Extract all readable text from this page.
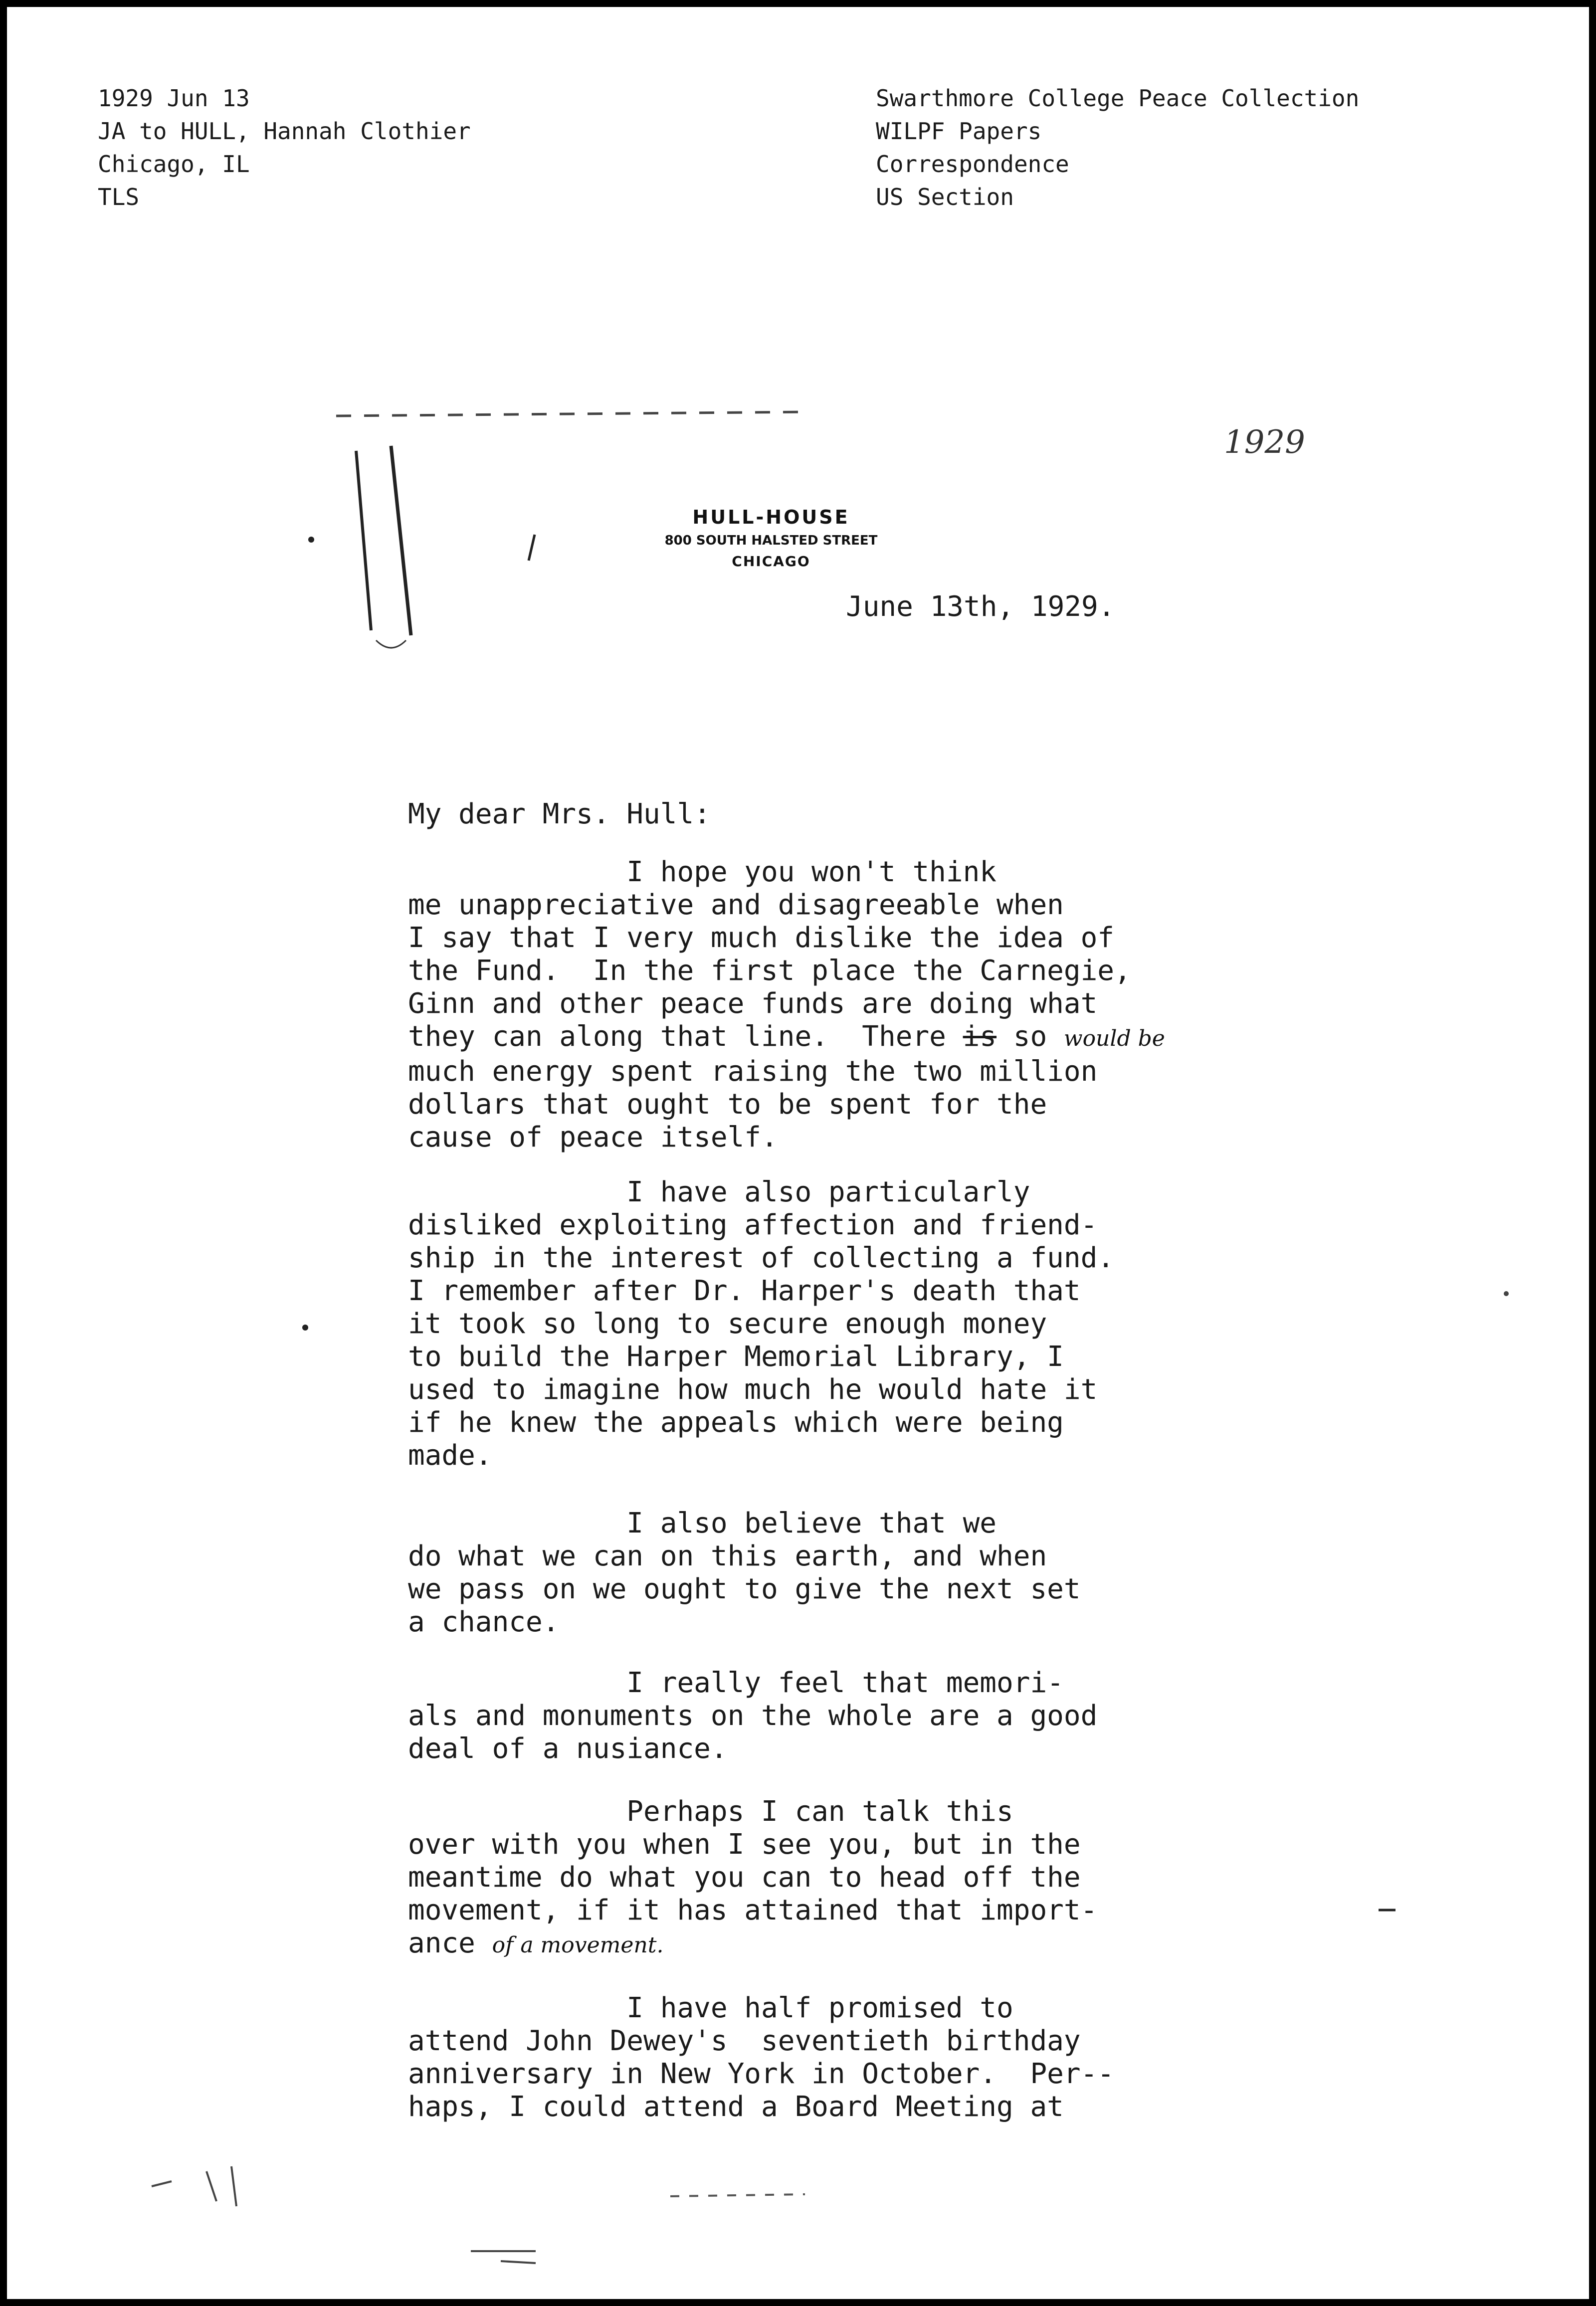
1929 Jun 13
JA to HULL, Hannah Clothier
Chicago, IL
TLS
Swarthmore College Peace Collection
WILPF Papers
Correspondence
US Section
1929
HULL-HOUSE
800 SOUTH HALSTED STREET
CHICAGO
June 13th, 1929.
My dear Mrs. Hull:
I hope you won't think
me unappreciative and disagreeable when
I say that I very much dislike the idea of
the Fund.  In the first place the Carnegie,
Ginn and other peace funds are doing what
they can along that line.  There is so would be
much energy spent raising the two million
dollars that ought to be spent for the
cause of peace itself.
I have also particularly
disliked exploiting affection and friend-
ship in the interest of collecting a fund.
I remember after Dr. Harper's death that
it took so long to secure enough money
to build the Harper Memorial Library, I
used to imagine how much he would hate it
if he knew the appeals which were being
made.
I also believe that we
do what we can on this earth, and when
we pass on we ought to give the next set
a chance.
I really feel that memori-
als and monuments on the whole are a good
deal of a nusiance.
Perhaps I can talk this
over with you when I see you, but in the
meantime do what you can to head off the
movement, if it has attained that import-
ance of a movement.
I have half promised to
attend John Dewey's  seventieth birthday
anniversary in New York in October.  Per--
haps, I could attend a Board Meeting at
